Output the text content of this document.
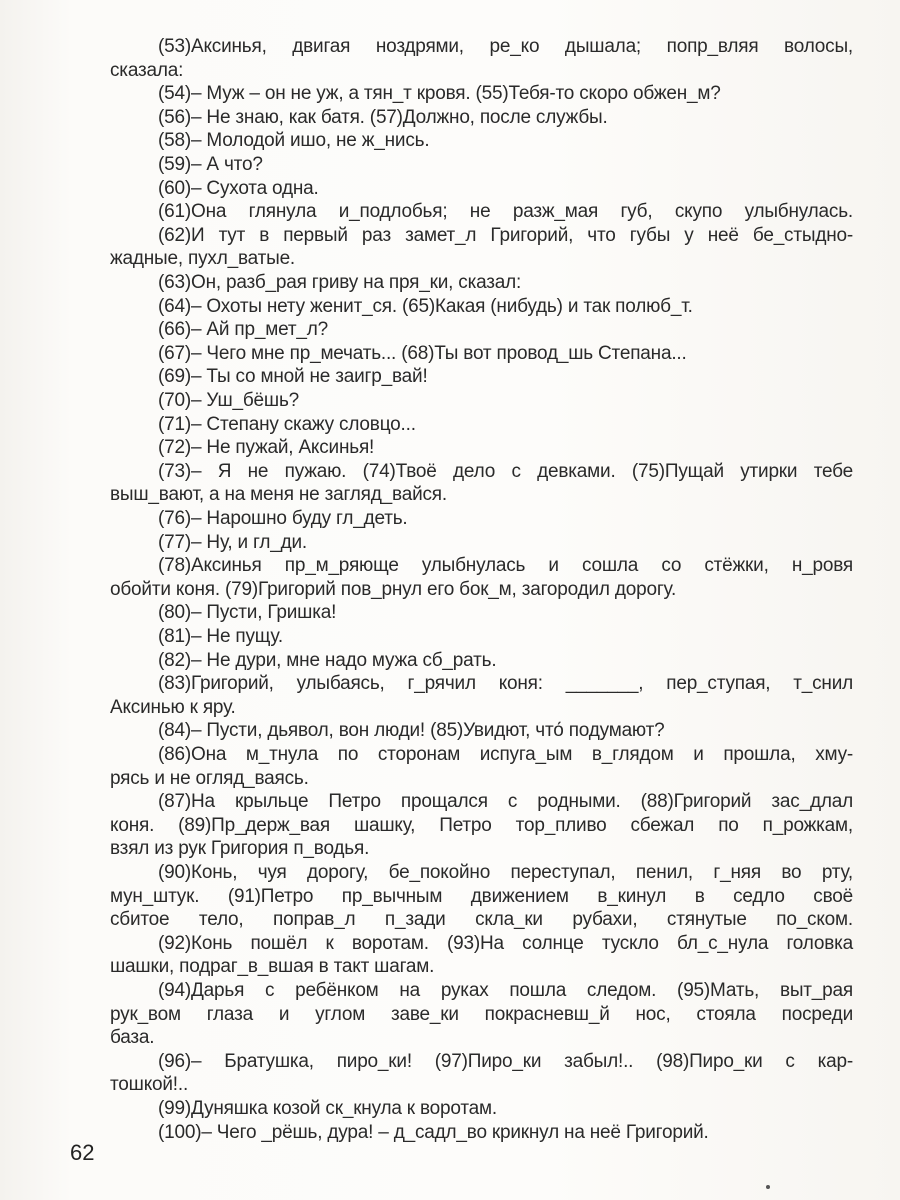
(53)Аксинья, двигая ноздрями, ре_ко дышала; попр_вляя волосы,
сказала:
(54)– Муж – он не уж, а тян_т кровя. (55)Тебя-то скоро обжен_м?
(56)– Не знаю, как батя. (57)Должно, после службы.
(58)– Молодой ишо, не ж_нись.
(59)– А что?
(60)– Сухота одна.
(61)Она глянула и_подлобья; не разж_мая губ, скупо улыбнулась.
(62)И тут в первый раз замет_л Григорий, что губы у неё бе_стыдно-
жадные, пухл_ватые.
(63)Он, разб_рая гриву на пря_ки, сказал:
(64)– Охоты нету женит_ся. (65)Какая (нибудь) и так полюб_т.
(66)– Ай пр_мет_л?
(67)– Чего мне пр_мечать... (68)Ты вот провод_шь Степана...
(69)– Ты со мной не заигр_вай!
(70)– Уш_бёшь?
(71)– Степану скажу словцо...
(72)– Не пужай, Аксинья!
(73)– Я не пужаю. (74)Твоё дело с девками. (75)Пущай утирки тебе
выш_вают, а на меня не загляд_вайся.
(76)– Нарошно буду гл_деть.
(77)– Ну, и гл_ди.
(78)Аксинья пр_м_ряюще улыбнулась и сошла со стёжки, н_ровя
обойти коня. (79)Григорий пов_рнул его бок_м, загородил дорогу.
(80)– Пусти, Гришка!
(81)– Не пущу.
(82)– Не дури, мне надо мужа сб_рать.
(83)Григорий, улыбаясь, г_рячил коня: _______, пер_ступая, т_снил
Аксинью к яру.
(84)– Пусти, дьявол, вон люди! (85)Увидют, что́ подумают?
(86)Она м_тнула по сторонам испуга_ым в_глядом и прошла, хму-
рясь и не огляд_ваясь.
(87)На крыльце Петро прощался с родными. (88)Григорий зас_длал
коня. (89)Пр_держ_вая шашку, Петро тор_пливо сбежал по п_рожкам,
взял из рук Григория п_водья.
(90)Конь, чуя дорогу, бе_покойно переступал, пенил, г_няя во рту,
мун_штук. (91)Петро пр_вычным движением в_кинул в седло своё
сбитое тело, поправ_л п_зади скла_ки рубахи, стянутые по_ском.
(92)Конь пошёл к воротам. (93)На солнце тускло бл_с_нула головка
шашки, подраг_в_вшая в такт шагам.
(94)Дарья с ребёнком на руках пошла следом. (95)Мать, выт_рая
рук_вом глаза и углом заве_ки покрасневш_й нос, стояла посреди
база.
(96)– Братушка, пиро_ки! (97)Пиро_ки забыл!.. (98)Пиро_ки с кар-
тошкой!..
(99)Дуняшка козой ск_кнула к воротам.
(100)– Чего _рёшь, дура! – д_садл_во крикнул на неё Григорий.
62
